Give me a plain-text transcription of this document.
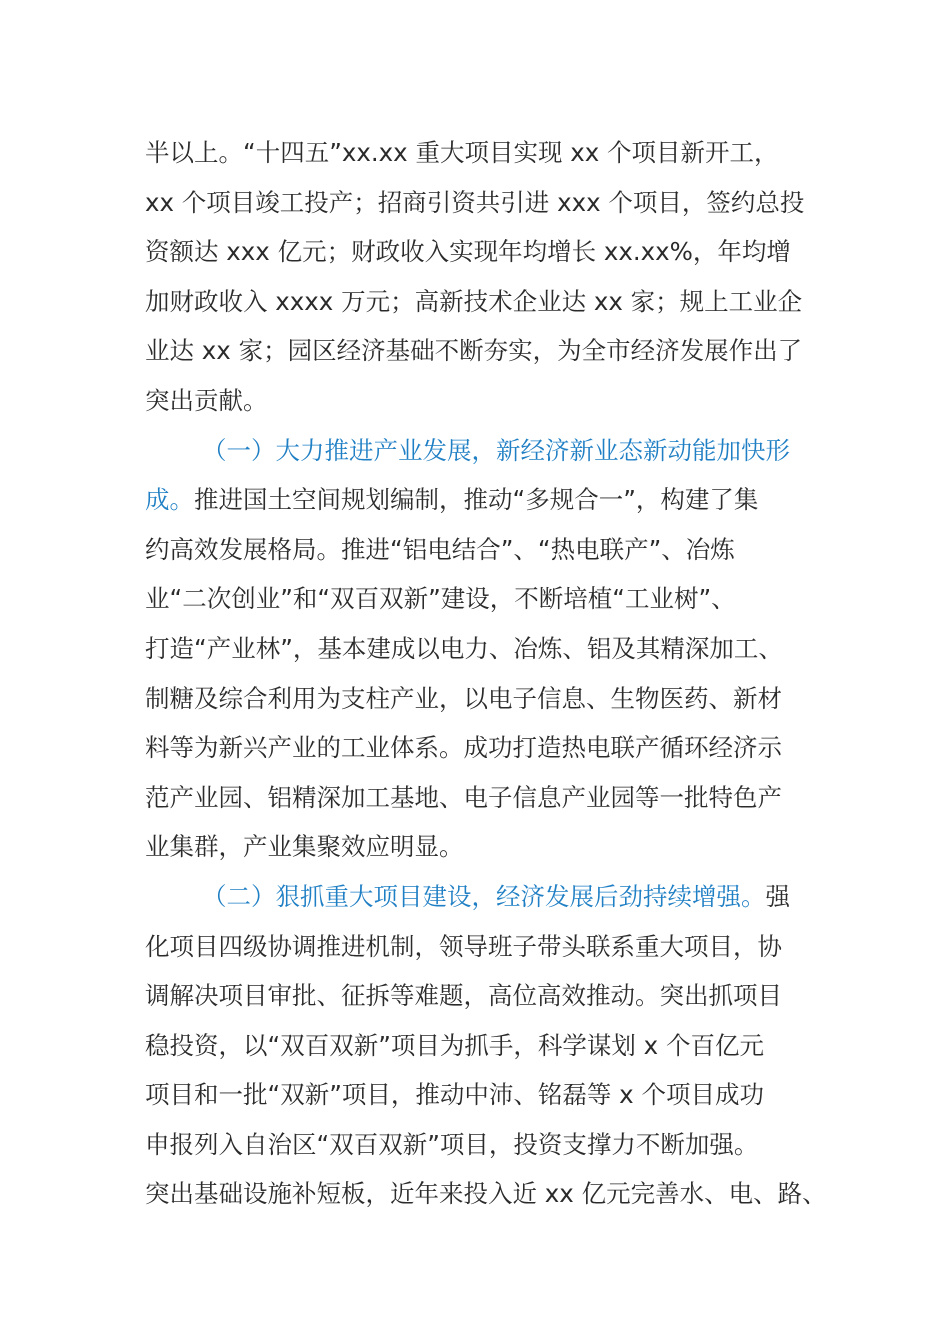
半以上。“十四五”xx.xx 重大项目实现 xx 个项目新开工，
xx 个项目竣工投产；招商引资共引进 xxx 个项目，签约总投
资额达 xxx 亿元；财政收入实现年均增长 xx.xx%，年均增
加财政收入 xxxx 万元；高新技术企业达 xx 家；规上工业企
业达 xx 家；园区经济基础不断夯实，为全市经济发展作出了
突出贡献。
（一）大力推进产业发展，新经济新业态新动能加快形
成。推进国土空间规划编制，推动“多规合一”，构建了集
约高效发展格局。推进“铝电结合”、“热电联产”、冶炼
业“二次创业”和“双百双新”建设，不断培植“工业树”、
打造“产业林”，基本建成以电力、冶炼、铝及其精深加工、
制糖及综合利用为支柱产业，以电子信息、生物医药、新材
料等为新兴产业的工业体系。成功打造热电联产循环经济示
范产业园、铝精深加工基地、电子信息产业园等一批特色产
业集群，产业集聚效应明显。
（二）狠抓重大项目建设，经济发展后劲持续增强。强
化项目四级协调推进机制，领导班子带头联系重大项目，协
调解决项目审批、征拆等难题，高位高效推动。突出抓项目
稳投资，以“双百双新”项目为抓手，科学谋划 x 个百亿元
项目和一批“双新”项目，推动中沛、铭磊等 x 个项目成功
申报列入自治区“双百双新”项目，投资支撑力不断加强。
突出基础设施补短板，近年来投入近 xx 亿元完善水、电、路、
